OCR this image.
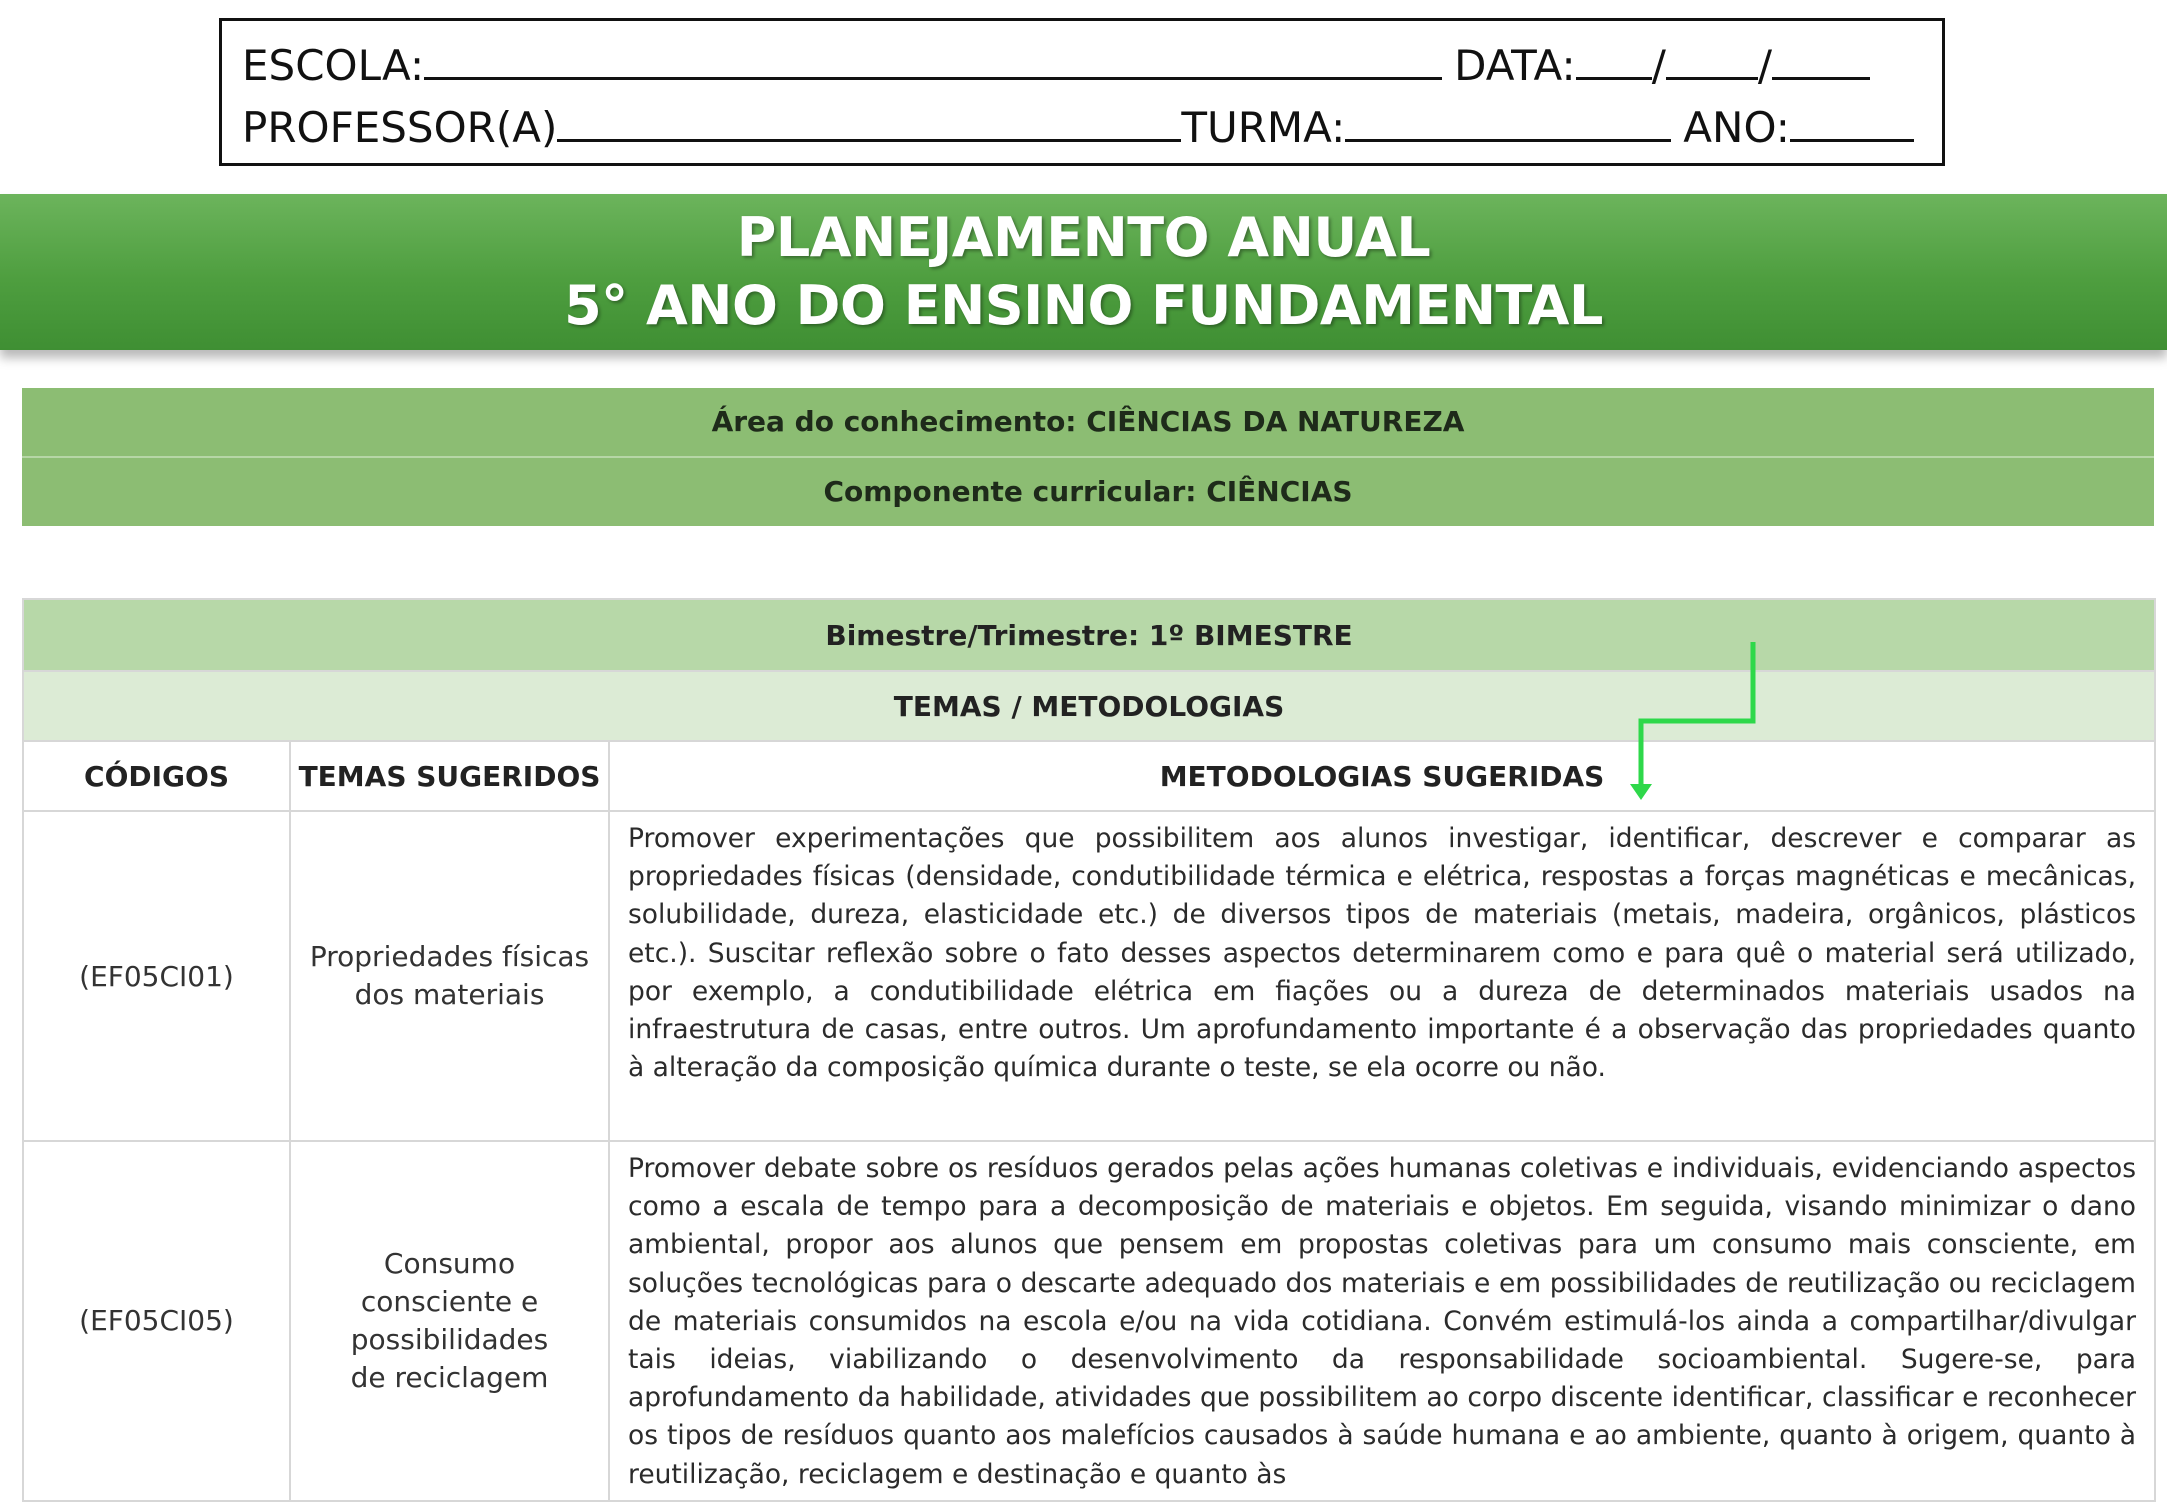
ESCOLA:	DATA: / /
PROFESSOR(A)	TURMA:	ANO:
PLANEJAMENTO ANUAL
5° ANO DO ENSINO FUNDAMENTAL
Área do conhecimento: CIÊNCIAS DA NATUREZA
Componente curricular: CIÊNCIAS
Bimestre/Trimestre: 1º BIMESTRE		
TEMAS / METODOLOGIAS		
CÓDIGOS	TEMAS SUGERIDOS	METODOLOGIAS SUGERIDAS
(EF05CI01)	Propriedades físicas dos materiais	Promover experimentações que possibilitem aos alunos investigar, identificar, descrever e comparar as propriedades físicas (densidade, condutibilidade térmica e elétrica, respostas a forças magnéticas e mecânicas, solubilidade, dureza, elasticidade etc.) de diversos tipos de materiais (metais, madeira, orgânicos, plásticos etc.). Suscitar reflexão sobre o fato desses aspectos determinarem como e para quê o material será utilizado, por exemplo, a condutibilidade elétrica em fiações ou a dureza de determinados materiais usados na infraestrutura de casas, entre outros. Um aprofundamento importante é a observação das propriedades quanto à alteração da composição química durante o teste, se ela ocorre ou não.
(EF05CI05)	Consumo consciente e possibilidades de reciclagem	Promover debate sobre os resíduos gerados pelas ações humanas coletivas e individuais, evidenciando aspectos como a escala de tempo para a decomposição de materiais e objetos. Em seguida, visando minimizar o dano ambiental, propor aos alunos que pensem em propostas coletivas para um consumo mais consciente, em soluções tecnológicas para o descarte adequado dos materiais e em possibilidades de reutilização ou reciclagem de materiais consumidos na escola e/ou na vida cotidiana. Convém estimulá-los ainda a compartilhar/divulgar tais ideias, viabilizando o desenvolvimento da responsabilidade socioambiental. Sugere-se, para aprofundamento da habilidade, atividades que possibilitem ao corpo discente identificar, classificar e reconhecer os tipos de resíduos quanto aos malefícios causados à saúde humana e ao ambiente, quanto à origem, quanto à reutilização, reciclagem e destinação e quanto às
